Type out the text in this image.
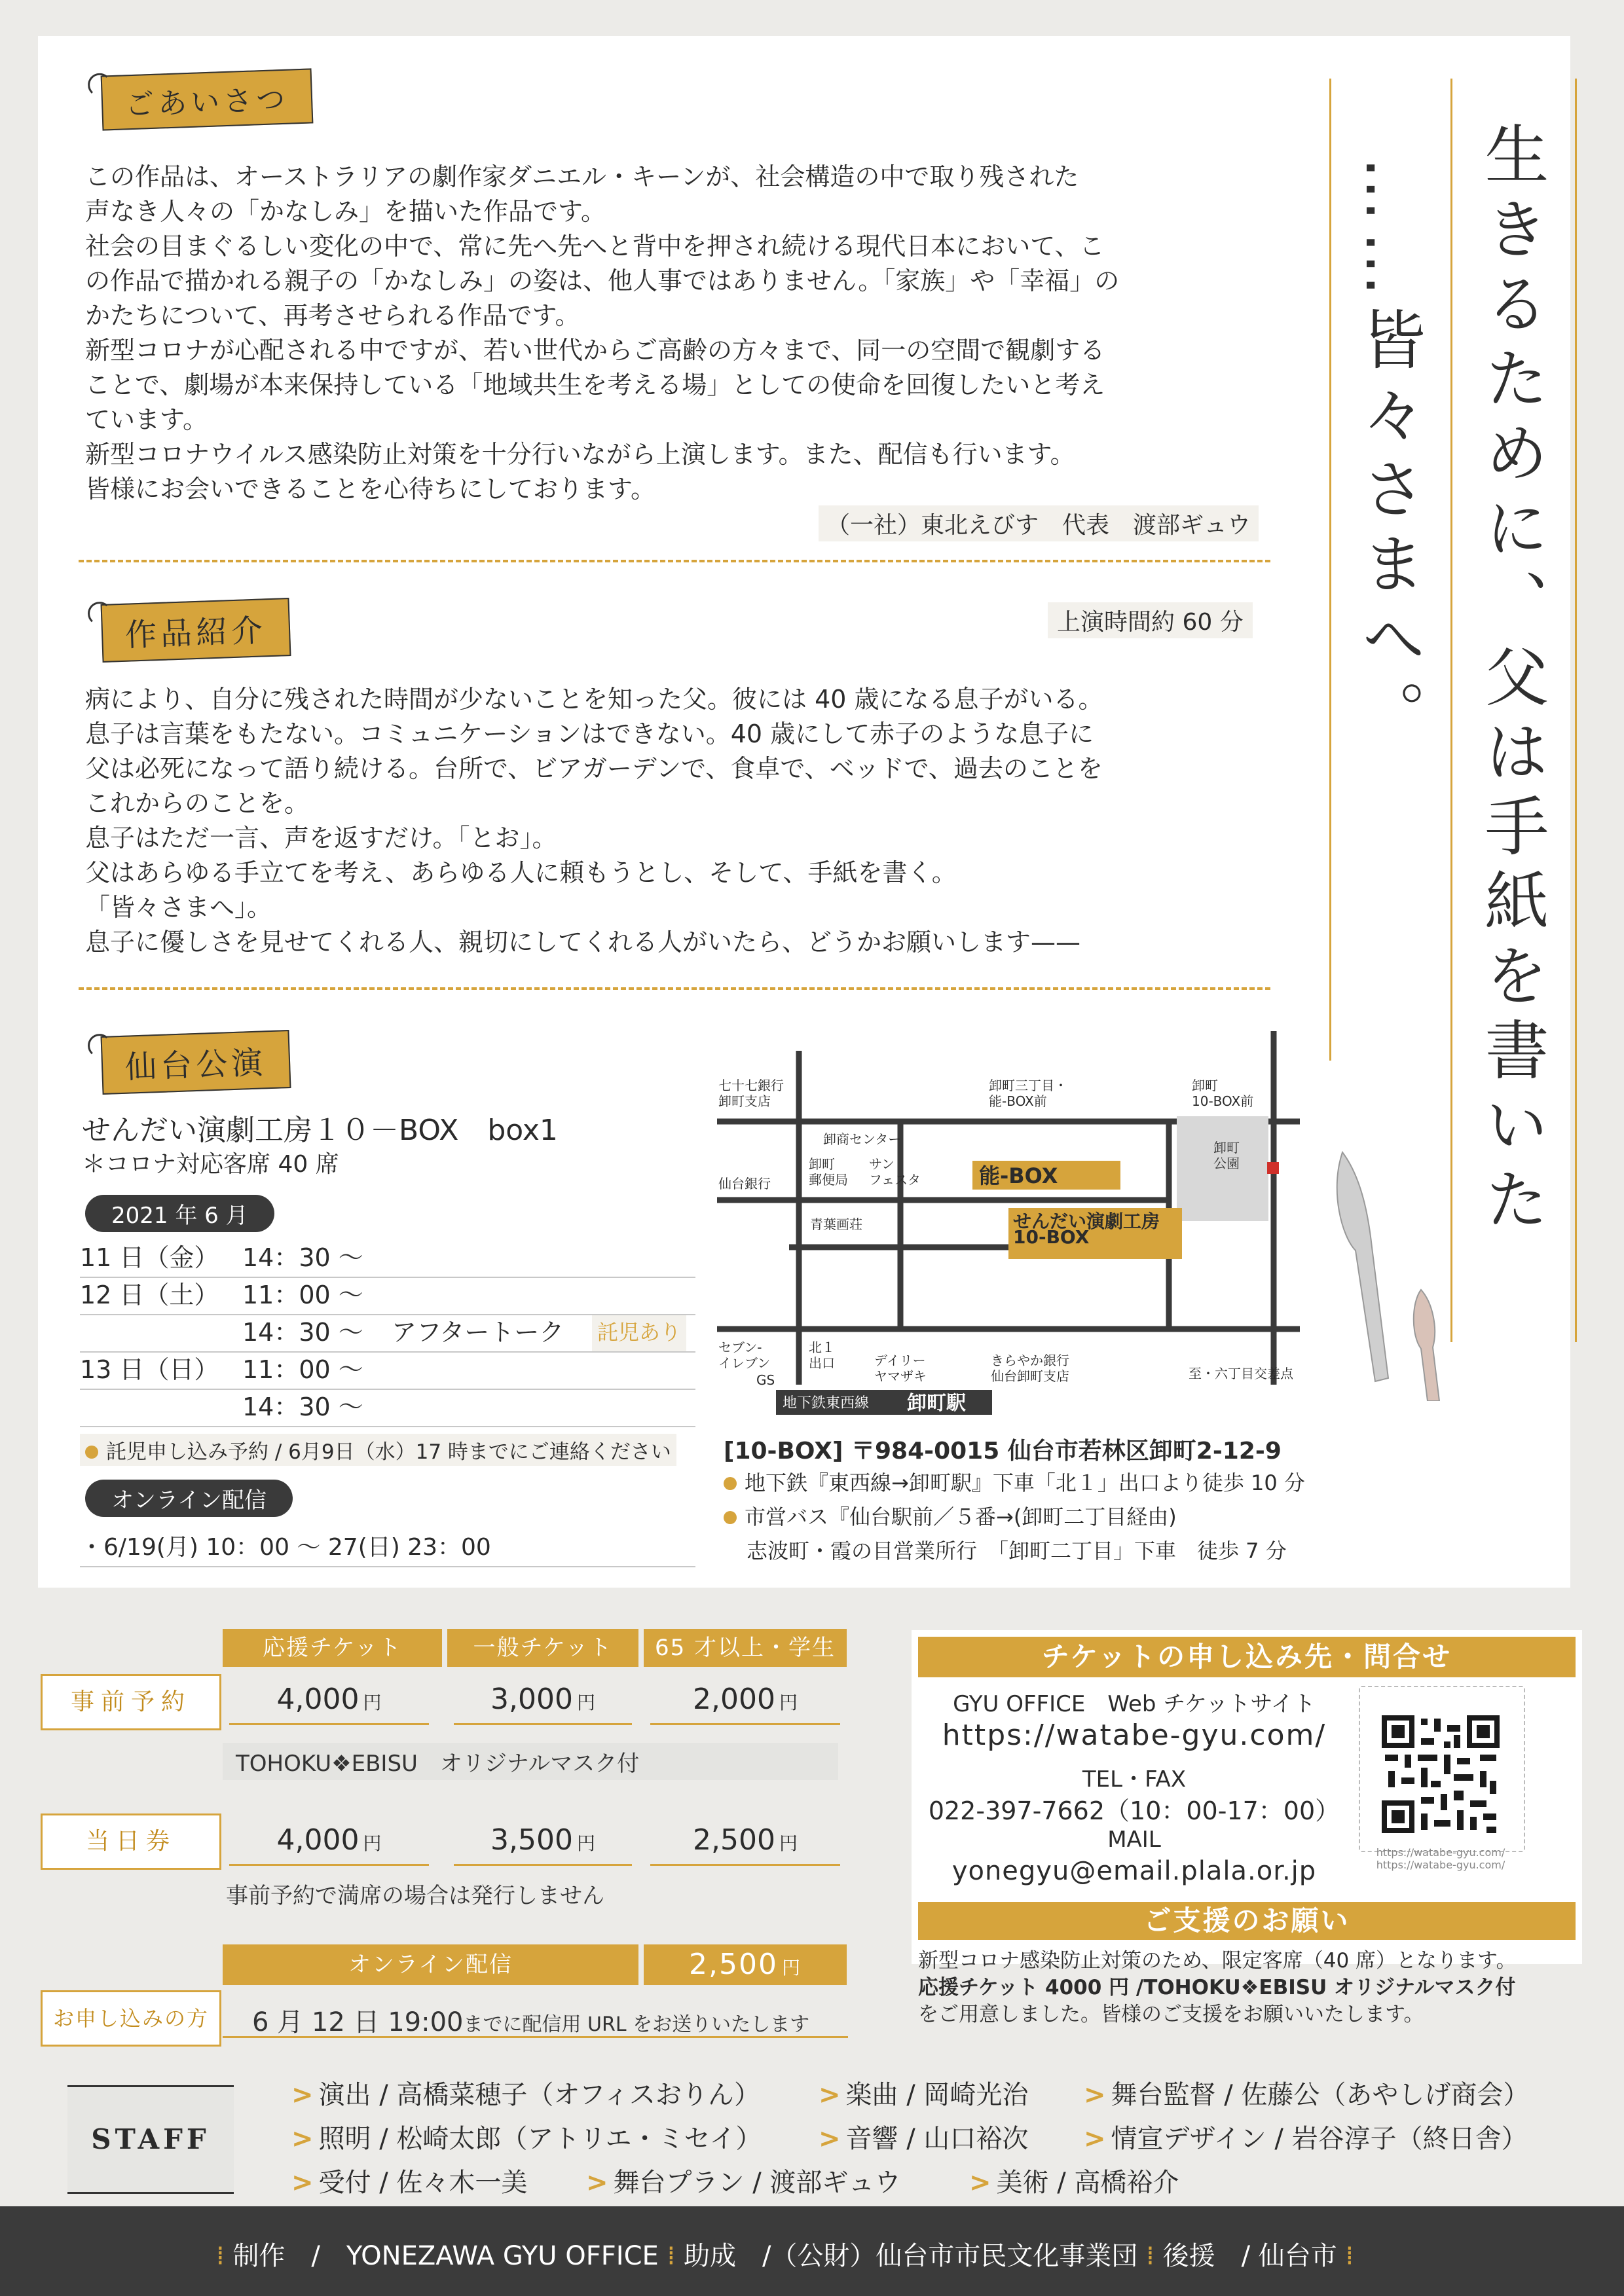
ごあいさつ
この作品は、オーストラリアの劇作家ダニエル・キーンが、社会構造の中で取り残された
声なき人々の「かなしみ」を描いた作品です。
社会の目まぐるしい変化の中で、常に先へ先へと背中を押され続ける現代日本において、こ
の作品で描かれる親子の「かなしみ」の姿は、他人事ではありません。「家族」や「幸福」の
かたちについて、再考させられる作品です。
新型コロナが心配される中ですが、若い世代からご高齢の方々まで、同一の空間で観劇する
ことで、劇場が本来保持している「地域共生を考える場」としての使命を回復したいと考え
ています。
新型コロナウイルス感染防止対策を十分行いながら上演します。また、配信も行います。
皆様にお会いできることを心待ちにしております。
（一社）東北えびす　代表　渡部ギュウ
作品紹介	上演時間約 60 分
病により、自分に残された時間が少ないことを知った父。彼には 40 歳になる息子がいる。
息子は言葉をもたない。コミュニケーションはできない。40 歳にして赤子のような息子に
父は必死になって語り続ける。台所で、ビアガーデンで、食卓で、ベッドで、過去のことを
これからのことを。
息子はただ一言、声を返すだけ。「とお」。
父はあらゆる手立てを考え、あらゆる人に頼もうとし、そして、手紙を書く。
「皆々さまへ」。
息子に優しさを見せてくれる人、親切にしてくれる人がいたら、どうかお願いします——	生きるために、父は手紙を書いた
……皆々さまへ。
仙台公演
せんだい演劇工房１０－BOX　box1
＊コロナ対応客席 40 席
2021 年 6 月
11 日（金） 14：30 〜
12 日（土） 11：00 〜
14：30 〜 アフタートーク 託児あり
13 日（日） 11：00 〜
14：30 〜
託児申し込み予約 / 6月9日（水）17 時までにご連絡ください
オンライン配信
・6/19(月) 10：00 〜 27(日) 23：00
地下鉄東西線 卸町駅
七十七銀行卸町支店
卸町三丁目・能-BOX前
卸町 10-BOX前
卸商センター
卸町郵便局
サンフェスタ
卸町公園
仙台銀行
青葉画荘
セブン-イレブン
GS
北１出口	デイリーヤマザキ
きらやか銀行仙台卸町支店	至・六丁目交差点
能-BOX
せんだい演劇工房 10-BOX
[10-BOX] 〒984-0015 仙台市若林区卸町2-12-9
地下鉄『東西線→卸町駅』下車「北１」出口より徒歩 10 分
市営バス『仙台駅前／５番→(卸町二丁目経由)
志波町・霞の目営業所行　「卸町二丁目」下車　徒歩 7 分
応援チケット	一般チケット	65 才以上・学生
事前予約	4,000 円	3,000 円	2,000 円
TOHOKU❖EBISU　オリジナルマスク付
当日券	4,000 円	3,500 円	2,500 円
事前予約で満席の場合は発行しません
オンライン配信	2,500 円
お申し込みの方	6 月 12 日 19:00までに配信用 URL をお送りいたします
チケットの申し込み先・問合せ
GYU OFFICE　Web チケットサイト
https://watabe-gyu.com/
TEL・FAX
022-397-7662（10：00-17：00）
MAIL
yonegyu@email.plala.or.jp
https://watabe-gyu.com/ https://watabe-gyu.com/
ご支援のお願い
新型コロナ感染防止対策のため、限定客席（40 席）となります。
応援チケット 4000 円 /TOHOKU❖EBISU オリジナルマスク付
をご用意しました。皆様のご支援をお願いいたします。
STAFF
> 演出 / 高橋菜穂子（オフィスおりん） > 楽曲 / 岡崎光治 > 舞台監督 / 佐藤公（あやしげ商会）
> 照明 / 松崎太郎（アトリエ・ミセイ） > 音響 / 山口裕次 > 情宣デザイン / 岩谷淳子（終日舎）
> 受付 / 佐々木一美 > 舞台プラン / 渡部ギュウ	> 美術 / 高橋裕介
⁞ 制作　/　YONEZAWA GYU OFFICE ⁞ 助成　/（公財）仙台市市民文化事業団 ⁞ 後援　/ 仙台市 ⁞
